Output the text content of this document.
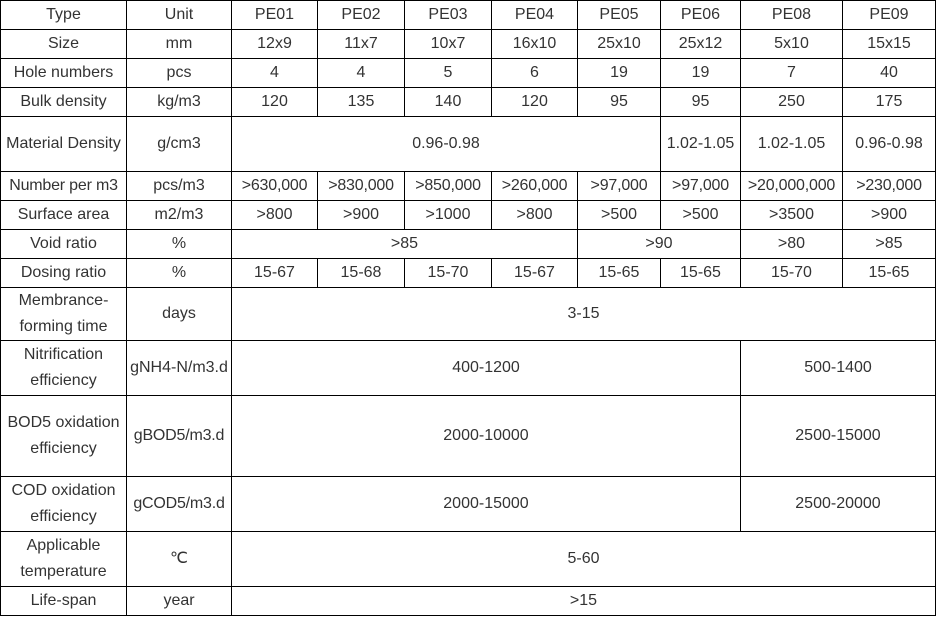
Type	Unit	PE01	PE02	PE03	PE04	PE05	PE06	PE08	PE09
Size	mm	12x9	11x7	10x7	16x10	25x10	25x12	5x10	15x15
Hole numbers	pcs	4	4	5	6	19	19	7	40
Bulk density	kg/m3	120	135	140	120	95	95	250	175
Material Density	g/cm3	0.96-0.98					1.02-1.05	1.02-1.05	0.96-0.98
Number per m3	pcs/m3	>630,000	>830,000	>850,000	>260,000	>97,000	>97,000	>20,000,000	>230,000
Surface area	m2/m3	>800	>900	>1000	>800	>500	>500	>3500	>900
Void ratio	%	>85				>90		>80	>85
Dosing ratio	%	15-67	15-68	15-70	15-67	15-65	15-65	15-70	15-65
Membrance-forming time	days	3-15							
Nitrification efficiency	gNH4-N/m3.d	400-1200						500-1400	
BOD5 oxidation efficiency	gBOD5/m3.d	2000-10000						2500-15000	
COD oxidation efficiency	gCOD5/m3.d	2000-15000						2500-20000	
Applicable temperature	℃	5-60							
Life-span	year	>15							
